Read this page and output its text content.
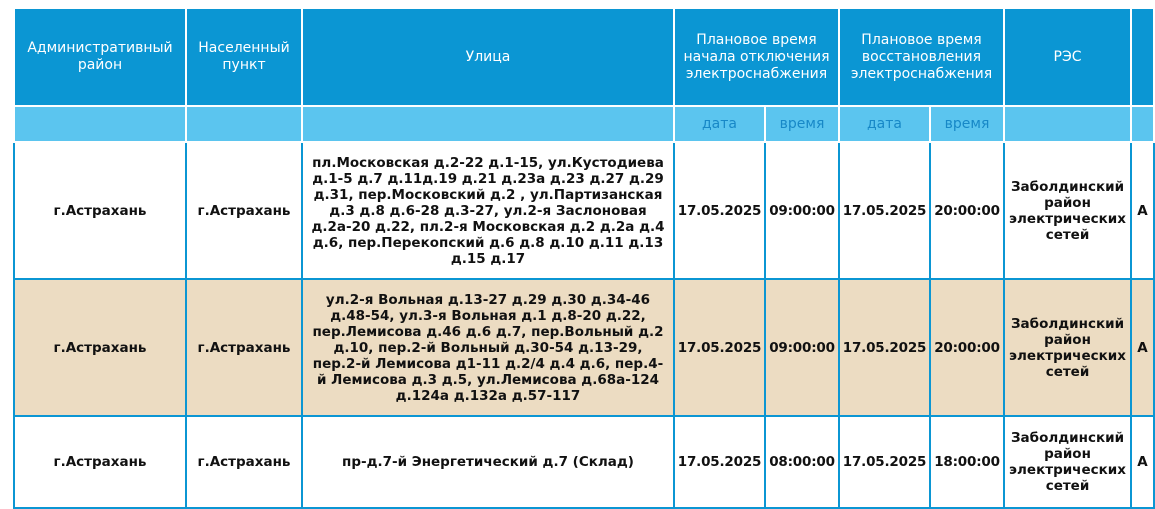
Административный район	Населенный пункт	Улица	Плановое время начала отключения электроснабжения		Плановое время восстановления электроснабжения		РЭС	
			дата	время	дата	время		
г.Астрахань	г.Астрахань	пл.Московская д.2-22 д.1-15, ул.Кустодиева д.1-5 д.7 д.11д.19 д.21 д.23а д.23 д.27 д.29 д.31, пер.Московский д.2 , ул.Партизанская д.3 д.8 д.6-28 д.3-27, ул.2-я Заслоновая д.2а-20 д.22, пл.2-я Московская д.2 д.2а д.4 д.6, пер.Перекопский д.6 д.8 д.10 д.11 д.13 д.15 д.17	17.05.2025	09:00:00	17.05.2025	20:00:00	Заболдинский район электрических сетей	А
г.Астрахань	г.Астрахань	ул.2-я Вольная д.13-27 д.29 д.30 д.34-46 д.48-54, ул.3-я Вольная д.1 д.8-20 д.22, пер.Лемисова д.46 д.6 д.7, пер.Вольный д.2 д.10, пер.2-й Вольный д.30-54 д.13-29, пер.2-й Лемисова д1-11 д.2/4 д.4 д.6, пер.4-й Лемисова д.3 д.5, ул.Лемисова д.68а-124 д.124а д.132а д.57-117	17.05.2025	09:00:00	17.05.2025	20:00:00	Заболдинский район электрических сетей	А
г.Астрахань	г.Астрахань	пр-д.7-й Энергетический д.7 (Склад)	17.05.2025	08:00:00	17.05.2025	18:00:00	Заболдинский район электрических сетей	А
